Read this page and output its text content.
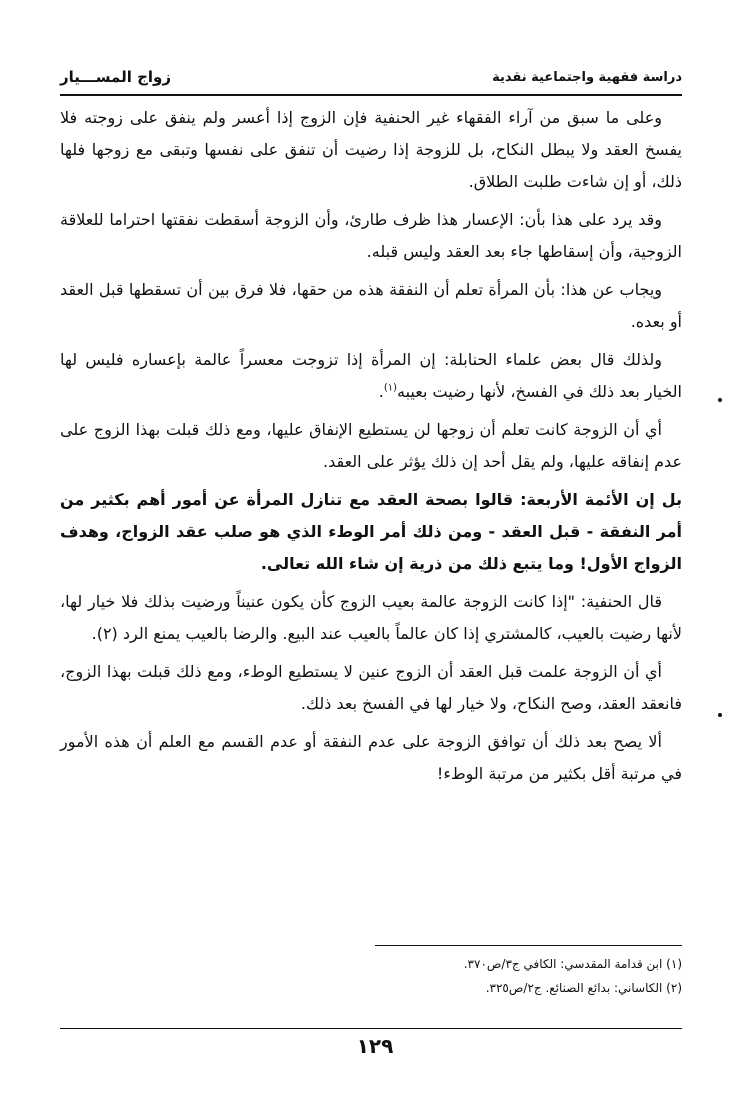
دراسة فقهية واجتماعية نقدية
زواج المســـيار

وعلى ما سبق من آراء الفقهاء غير الحنفية فإن الزوج إذا أعسر ولم ينفق على زوجته فلا يفسخ العقد ولا يبطل النكاح، بل للزوجة إذا رضيت أن تنفق على نفسها وتبقى مع زوجها فلها ذلك، أو إن شاءت طلبت الطلاق.

وقد يرد على هذا بأن: الإعسار هذا ظرف طارئ، وأن الزوجة أسقطت نفقتها احتراما للعلاقة الزوجية، وأن إسقاطها جاء بعد العقد وليس قبله.

ويجاب عن هذا: بأن المرأة تعلم أن النفقة هذه من حقها، فلا فرق بين أن تسقطها قبل العقد أو بعده.

ولذلك قال بعض علماء الحنابلة: إن المرأة إذا تزوجت معسراً عالمة بإعساره فليس لها الخيار بعد ذلك في الفسخ، لأنها رضيت بعيبه$^{(١)}$.

أي أن الزوجة كانت تعلم أن زوجها لن يستطيع الإنفاق عليها، ومع ذلك قبلت بهذا الزوج على عدم إنفاقه عليها، ولم يقل أحد إن ذلك يؤثر على العقد.

بل إن الأئمة الأربعة: قالوا بصحة العقد مع تنازل المرأة عن أمور أهم بكثير من أمر النفقة - قبل العقد - ومن ذلك أمر الوطء الذي هو صلب عقد الزواج، وهدف الزواج الأول! وما يتبع ذلك من ذرية إن شاء الله تعالى.

قال الحنفية: "إذا كانت الزوجة عالمة بعيب الزوج كأن يكون عنيناً ورضيت بذلك فلا خيار لها، لأنها رضيت بالعيب، كالمشتري إذا كان عالماً بالعيب عند البيع. والرضا بالعيب يمنع الرد (٢).

أي أن الزوجة علمت قبل العقد أن الزوج عنين لا يستطيع الوطء، ومع ذلك قبلت بهذا الزوج، فانعقد العقد، وصح النكاح، ولا خيار لها في الفسخ بعد ذلك.

ألا يصح بعد ذلك أن توافق الزوجة على عدم النفقة أو عدم القسم مع العلم أن هذه الأمور في مرتبة أقل بكثير من مرتبة الوطء!

(١) ابن قدامة المقدسي: الكافي ج٣/ص٣٧٠.
(٢) الكاساني: بدائع الصنائع. ج٢/ص٣٢٥.
١٢٩
